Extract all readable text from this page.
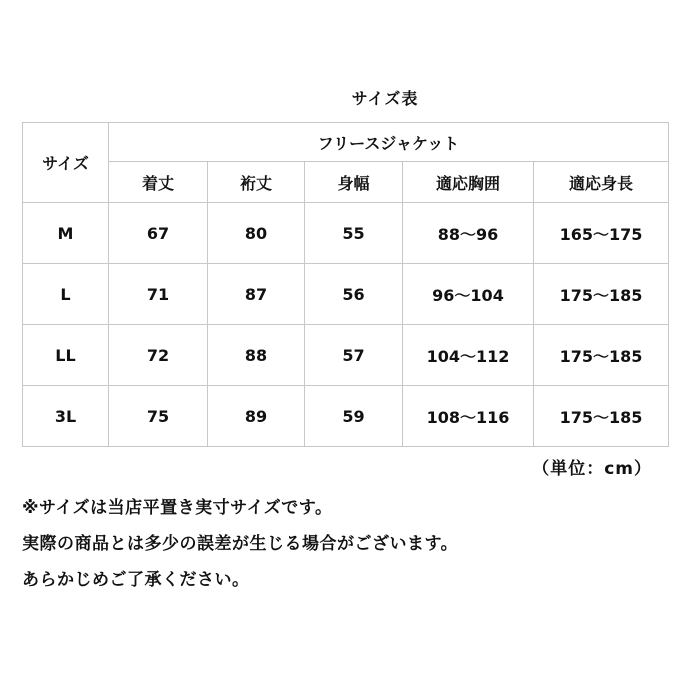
サイズ表
サイズ	フリースジャケット				
	着丈	裄丈	身幅	適応胸囲	適応身長
M	67	80	55	88～96	165～175
L	71	87	56	96～104	175～185
LL	72	88	57	104～112	175～185
3L	75	89	59	108～116	175～185
（単位：cm）
※サイズは当店平置き実寸サイズです。
実際の商品とは多少の誤差が生じる場合がございます。
あらかじめご了承ください。
